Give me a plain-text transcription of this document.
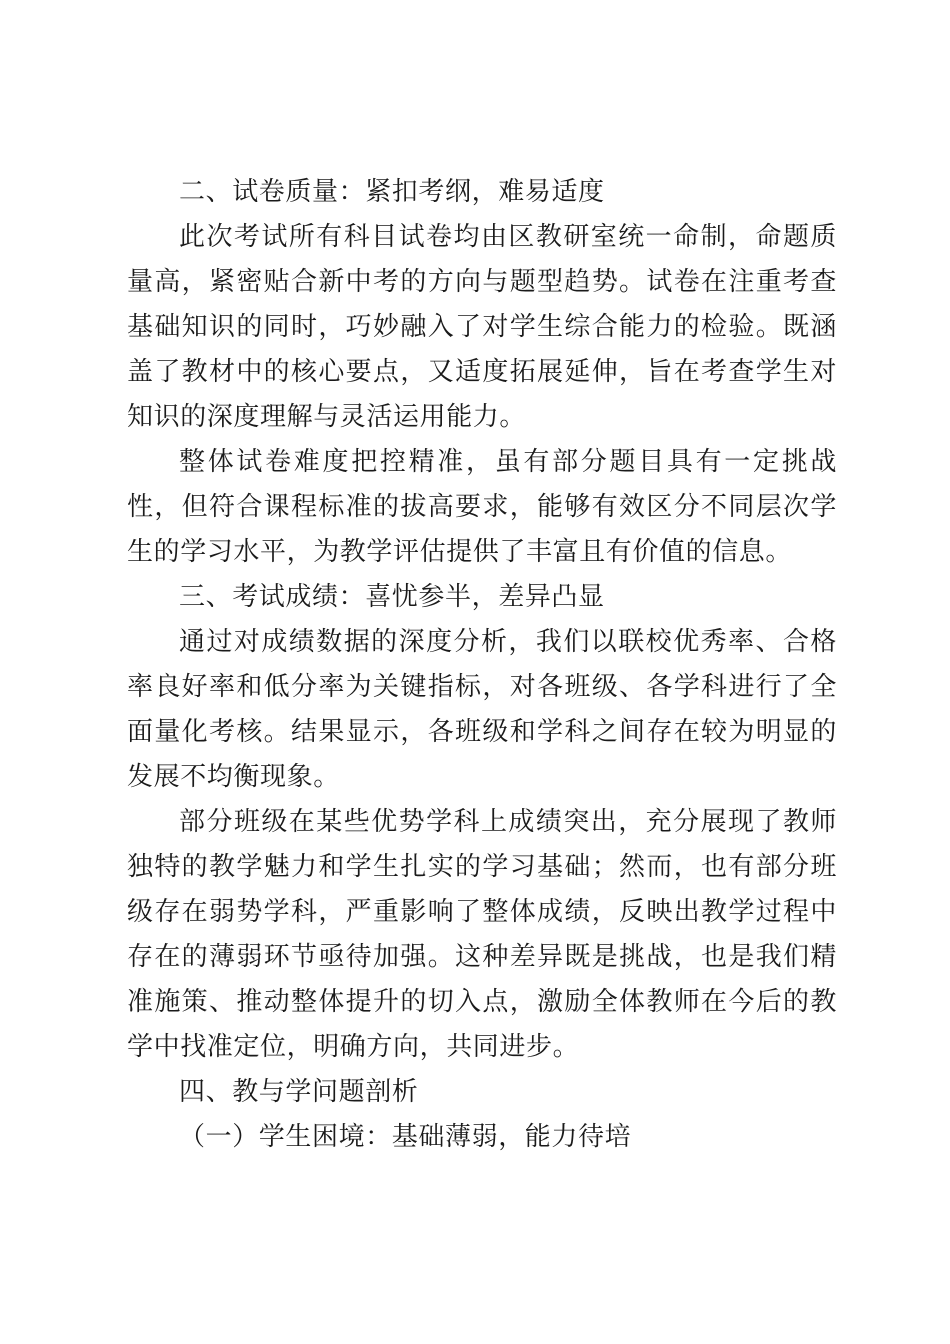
二、试卷质量：紧扣考纲，难易适度

此次考试所有科目试卷均由区教研室统一命制，命题质量高，紧密贴合新中考的方向与题型趋势。试卷在注重考查基础知识的同时，巧妙融入了对学生综合能力的检验。既涵盖了教材中的核心要点，又适度拓展延伸，旨在考查学生对知识的深度理解与灵活运用能力。

整体试卷难度把控精准，虽有部分题目具有一定挑战性，但符合课程标准的拔高要求，能够有效区分不同层次学生的学习水平，为教学评估提供了丰富且有价值的信息。

三、考试成绩：喜忧参半，差异凸显

通过对成绩数据的深度分析，我们以联校优秀率、合格率良好率和低分率为关键指标，对各班级、各学科进行了全面量化考核。结果显示，各班级和学科之间存在较为明显的发展不均衡现象。

部分班级在某些优势学科上成绩突出，充分展现了教师独特的教学魅力和学生扎实的学习基础；然而，也有部分班级存在弱势学科，严重影响了整体成绩，反映出教学过程中存在的薄弱环节亟待加强。这种差异既是挑战，也是我们精准施策、推动整体提升的切入点，激励全体教师在今后的教学中找准定位，明确方向，共同进步。

四、教与学问题剖析

（一）学生困境：基础薄弱，能力待培
